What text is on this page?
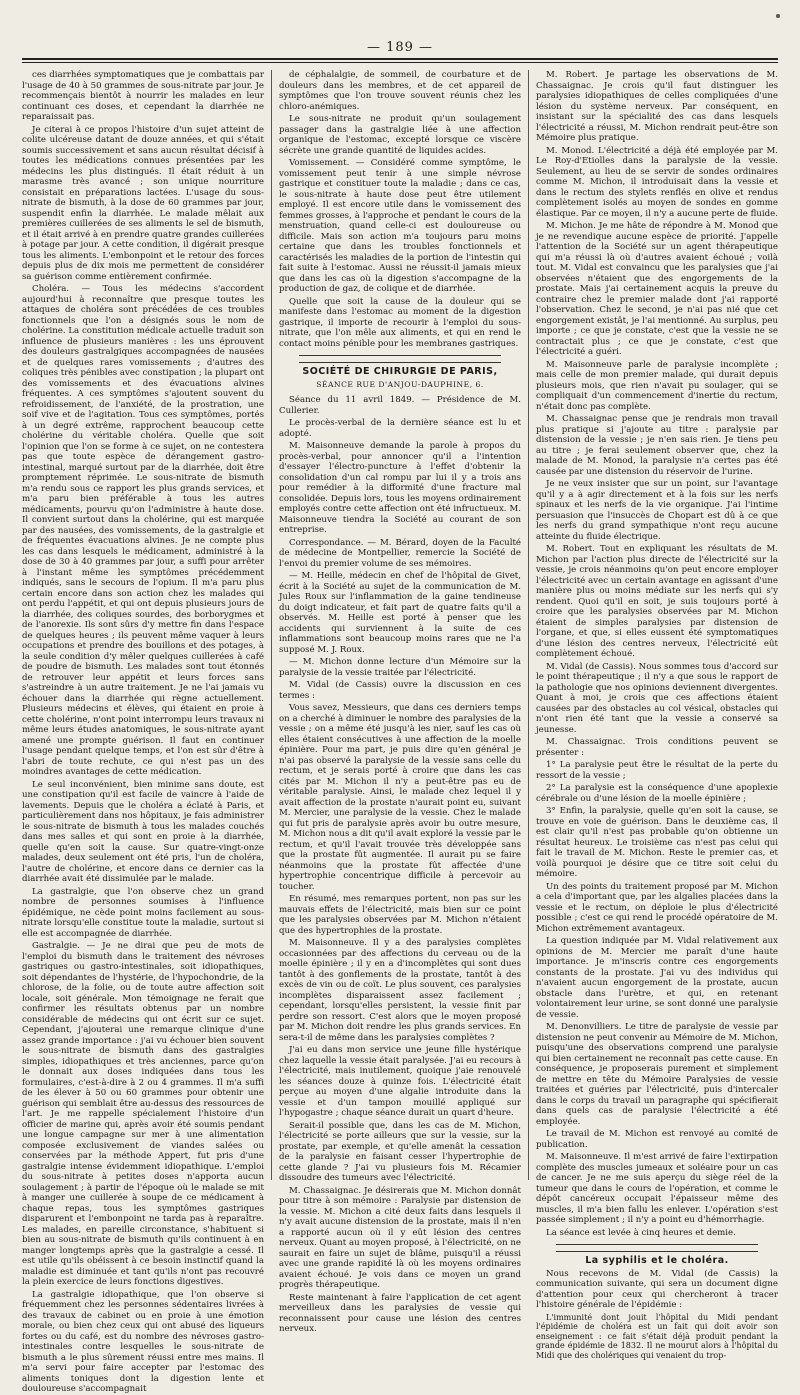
— 189 —

ces diarrhées symptomatiques que je combattais par l'usage de 40 à 50 grammes de sous-nitrate par jour. Je recommençais bientôt à nourrir les malades en leur continuant ces doses, et cependant la diarrhée ne reparaissait pas.

Je citerai à ce propos l'histoire d'un sujet atteint de colite ulcéreuse datant de douze années, et qui s'était soumis successivement et sans aucun résultat décisif à toutes les médications connues présentées par les médecins les plus distingués. Il était réduit à un marasme très avancé ; son unique nourriture consistait en préparations lactées. L'usage du sous-nitrate de bismuth, à la dose de 60 grammes par jour, suspendit enfin la diarrhée. Le malade mêlait aux premières cuillerées de ses aliments le sel de bismuth, et il était arrivé à en prendre quatre grandes cuillerées à potage par jour. A cette condition, il digérait presque tous les aliments. L'embonpoint et le retour des forces depuis plus de dix mois me permettent de considérer sa guérison comme entièrement confirmée.

Choléra. — Tous les médecins s'accordent aujourd'hui à reconnaître que presque toutes les attaques de choléra sont précédées de ces troubles fonctionnels que l'on a désignés sous le nom de cholérine. La constitution médicale actuelle traduit son influence de plusieurs manières : les uns éprouvent des douleurs gastralgiques accompagnées de nausées et de quelques rares vomissements ; d'autres des coliques très pénibles avec constipation ; la plupart ont des vomissements et des évacuations alvines fréquentes. A ces symptômes s'ajoutent souvent du refroidissement, de l'anxiété, de la prostration, une soif vive et de l'agitation. Tous ces symptômes, portés à un degré extrême, rapprochent beaucoup cette cholérine du véritable choléra. Quelle que soit l'opinion que l'on se forme à ce sujet, on ne contestera pas que toute espèce de dérangement gastro-intestinal, marqué surtout par de la diarrhée, doit être promptement réprimée. Le sous-nitrate de bismuth m'a rendu sous ce rapport les plus grands services, et m'a paru bien préférable à tous les autres médicaments, pourvu qu'on l'administre à haute dose. Il convient surtout dans la cholérine, qui est marquée par des nausées, des vomissements, de la gastralgie et de fréquentes évacuations alvines. Je ne compte plus les cas dans lesquels le médicament, administré à la dose de 30 à 40 grammes par jour, a suffi pour arrêter à l'instant même les symptômes précédemment indiqués, sans le secours de l'opium. Il m'a paru plus certain encore dans son action chez les malades qui ont perdu l'appétit, et qui ont depuis plusieurs jours de la diarrhée, des coliques sourdes, des borborygmes et de l'anorexie. Ils sont sûrs d'y mettre fin dans l'espace de quelques heures ; ils peuvent même vaquer à leurs occupations et prendre des bouillons et des potages, à la seule condition d'y mêler quelques cuillerées à café de poudre de bismuth. Les malades sont tout étonnés de retrouver leur appétit et leurs forces sans s'astreindre à un autre traitement. Je ne l'ai jamais vu échouer dans la diarrhée qui règne actuellement. Plusieurs médecins et élèves, qui étaient en proie à cette cholérine, n'ont point interrompu leurs travaux ni même leurs études anatomiques, le sous-nitrate ayant amené une prompte guérison. Il faut en continuer l'usage pendant quelque temps, et l'on est sûr d'être à l'abri de toute rechute, ce qui n'est pas un des moindres avantages de cette médication.

Le seul inconvénient, bien minime sans doute, est une constipation qu'il est facile de vaincre à l'aide de lavements. Depuis que le choléra a éclaté à Paris, et particulièrement dans nos hôpitaux, je fais administrer le sous-nitrate de bismuth à tous les malades couchés dans mes salles et qui sont en proie à la diarrhée, quelle qu'en soit la cause. Sur quatre-vingt-onze malades, deux seulement ont été pris, l'un de choléra, l'autre de cholérine, et encore dans ce dernier cas la diarrhée avait été dissimulée par le malade.

La gastralgie, que l'on observe chez un grand nombre de personnes soumises à l'influence épidémique, ne cède point moins facilement au sous-nitrate lorsqu'elle constitue toute la maladie, surtout si elle est accompagnée de diarrhée.

Gastralgie. — Je ne dirai que peu de mots de l'emploi du bismuth dans le traitement des névroses gastriques ou gastro-intestinales, soit idiopathiques, soit dépendantes de l'hystérie, de l'hypochondrie, de la chlorose, de la folie, ou de toute autre affection soit locale, soit générale. Mon témoignage ne ferait que confirmer les résultats obtenus par un nombre considérable de médecins qui ont écrit sur ce sujet. Cependant, j'ajouterai une remarque clinique d'une assez grande importance : j'ai vu échouer bien souvent le sous-nitrate de bismuth dans des gastralgies simples, idiopathiques et très anciennes, parce qu'on le donnait aux doses indiquées dans tous les formulaires, c'est-à-dire à 2 ou 4 grammes. Il m'a suffi de les élever à 50 ou 60 grammes pour obtenir une guérison qui semblait être au-dessus des ressources de l'art. Je me rappelle spécialement l'histoire d'un officier de marine qui, après avoir été soumis pendant une longue campagne sur mer à une alimentation composée exclusivement de viandes salées ou conservées par la méthode Appert, fut pris d'une gastralgie intense évidemment idiopathique. L'emploi du sous-nitrate à petites doses n'apporta aucun soulagement ; à partir de l'époque où le malade se mit à manger une cuillerée à soupe de ce médicament à chaque repas, tous les symptômes gastriques disparurent et l'embonpoint ne tarda pas à reparaître. Les malades, en pareille circonstance, s'habituent si bien au sous-nitrate de bismuth qu'ils continuent à en manger longtemps après que la gastralgie a cessé. Il est utile qu'ils obéissent à ce besoin instinctif quand la maladie est diminuée et tant qu'ils n'ont pas recouvré la plein exercice de leurs fonctions digestives.

La gastralgie idiopathique, que l'on observe si fréquemment chez les personnes sédentaires livrées à des travaux de cabinet ou en proie à une émotion morale, ou bien chez ceux qui ont abusé des liqueurs fortes ou du café, est du nombre des névroses gastro-intestinales contre lesquelles le sous-nitrate de bismuth a le plus sûrement réussi entre mes mains. Il m'a servi pour faire accepter par l'estomac des aliments toniques dont la digestion lente et douloureuse s'accompagnait

de céphalalgie, de sommeil, de courbature et de douleurs dans les membres, et de cet appareil de symptômes que l'on trouve souvent réunis chez les chloro-anémiques.

Le sous-nitrate ne produit qu'un soulagement passager dans la gastralgie liée à une affection organique de l'estomac, excepté lorsque ce viscère sécrète une grande quantité de liquides acides.

Vomissement. — Considéré comme symptôme, le vomissement peut tenir à une simple névrose gastrique et constituer toute la maladie ; dans ce cas, le sous-nitrate à haute dose peut être utilement employé. Il est encore utile dans le vomissement des femmes grosses, à l'approche et pendant le cours de la menstruation, quand celle-ci est douloureuse ou difficile. Mais son action m'a toujours paru moins certaine que dans les troubles fonctionnels et caractérisés les maladies de la portion de l'intestin qui fait suite à l'estomac. Aussi ne réussit-il jamais mieux que dans les cas où la digestion s'accompagne de la production de gaz, de colique et de diarrhée.

Quelle que soit la cause de la douleur qui se manifeste dans l'estomac au moment de la digestion gastrique, il importe de recourir à l'emploi du sous-nitrate, que l'on mêle aux aliments, et qui en rend le contact moins pénible pour les membranes gastriques.

SOCIÉTÉ DE CHIRURGIE DE PARIS,
SÉANCE RUE D'ANJOU-DAUPHINE, 6.

Séance du 11 avril 1849. — Présidence de M. Cullerier.

Le procès-verbal de la dernière séance est lu et adopté.

M. Maisonneuve demande la parole à propos du procès-verbal, pour annoncer qu'il a l'intention d'essayer l'électro-puncture à l'effet d'obtenir la consolidation d'un cal rompu par lui il y a trois ans pour remédier à la difformité d'une fracture mal consolidée. Depuis lors, tous les moyens ordinairement employés contre cette affection ont été infructueux. M. Maisonneuve tiendra la Société au courant de son entreprise.

Correspondance. — M. Bérard, doyen de la Faculté de médecine de Montpellier, remercie la Société de l'envoi du premier volume de ses mémoires.

— M. Heille, médecin en chef de l'hôpital de Givet, écrit à la Société au sujet de la communication de M. Jules Roux sur l'inflammation de la gaine tendineuse du doigt indicateur, et fait part de quatre faits qu'il a observés. M. Heille est porté à penser que les accidents qui surviennent à la suite de ces inflammations sont beaucoup moins rares que ne l'a supposé M. J. Roux.

— M. Michon donne lecture d'un Mémoire sur la paralysie de la vessie traitée par l'électricité.

M. Vidal (de Cassis) ouvre la discussion en ces termes :

Vous savez, Messieurs, que dans ces derniers temps on a cherché à diminuer le nombre des paralysies de la vessie ; on a même été jusqu'à les nier, sauf les cas où elles étaient consécutives à une affection de la moelle épinière. Pour ma part, je puis dire qu'en général je n'ai pas observé la paralysie de la vessie sans celle du rectum, et je serais porté à croire que dans les cas cités par M. Michon il n'y a peut-être pas eu de véritable paralysie. Ainsi, le malade chez lequel il y avait affection de la prostate n'aurait point eu, suivant M. Mercier, une paralysie de la vessie. Chez le malade qui fut pris de paralysie après avoir bu outre mesure, M. Michon nous a dit qu'il avait exploré la vessie par le rectum, et qu'il l'avait trouvée très développée sans que la prostate fût augmentée. Il aurait pu se faire néanmoins que la prostate fût affectée d'une hypertrophie concentrique difficile à percevoir au toucher.

En résumé, mes remarques portent, non pas sur les mauvais effets de l'électricité, mais bien sur ce point que les paralysies observées par M. Michon n'étaient que des hypertrophies de la prostate.

M. Maisonneuve. Il y a des paralysies complètes occasionnées par des affections du cerveau ou de la moelle épinière ; il y en a d'incomplètes qui sont dues tantôt à des gonflements de la prostate, tantôt à des excès de vin ou de coït. Le plus souvent, ces paralysies incomplètes disparaissent assez facilement ; cependant, lorsqu'elles persistent, la vessie finit par perdre son ressort. C'est alors que le moyen proposé par M. Michon doit rendre les plus grands services. En sera-t-il de même dans les paralysies complètes ?

J'ai eu dans mon service une jeune fille hystérique chez laquelle la vessie était paralysée. J'ai eu recours à l'électricité, mais inutilement, quoique j'aie renouvelé les séances douze à quinze fois. L'électricité était perçue au moyen d'une algalie introduite dans la vessie et d'un tampon mouillé appliqué sur l'hypogastre ; chaque séance durait un quart d'heure.

Serait-il possible que, dans les cas de M. Michon, l'électricité se porte ailleurs que sur la vessie, sur la prostate, par exemple, et qu'elle amenât la cessation de la paralysie en faisant cesser l'hypertrophie de cette glande ? J'ai vu plusieurs fois M. Récamier dissoudre des tumeurs avec l'électricité.

M. Chassaignac. Je désirerais que M. Michon donnât pour titre à son mémoire : Paralysie par distension de la vessie. M. Michon a cité deux faits dans lesquels il n'y avait aucune distension de la prostate, mais il n'en a rapporté aucun où il y eût lésion des centres nerveux. Quant au moyen proposé, à l'électricité, on ne saurait en faire un sujet de blâme, puisqu'il a réussi avec une grande rapidité là où les moyens ordinaires avaient échoué. Je vois dans ce moyen un grand progrès thérapeutique.

Reste maintenant à faire l'application de cet agent merveilleux dans les paralysies de vessie qui reconnaissent pour cause une lésion des centres nerveux.

M. Robert. Je partage les observations de M. Chassaignac. Je crois qu'il faut distinguer les paralysies idiopathiques de celles compliquées d'une lésion du système nerveux. Par conséquent, en insistant sur la spécialité des cas dans lesquels l'électricité a réussi, M. Michon rendrait peut-être son Mémoire plus pratique.

M. Monod. L'électricité a déjà été employée par M. Le Roy-d'Etiolles dans la paralysie de la vessie. Seulement, au lieu de se servir de sondes ordinaires comme M. Michon, il introduisait dans la vessie et dans le rectum des stylets renflés en olive et rendus complètement isolés au moyen de sondes en gomme élastique. Par ce moyen, il n'y a aucune perte de fluide.

M. Michon. Je me hâte de répondre à M. Monod que je ne revendique aucune espèce de priorité. J'appelle l'attention de la Société sur un agent thérapeutique qui m'a réussi là où d'autres avaient échoué ; voilà tout. M. Vidal est convaincu que les paralysies que j'ai observées n'étaient que des engorgements de la prostate. Mais j'ai certainement acquis la preuve du contraire chez le premier malade dont j'ai rapporté l'observation. Chez le second, je n'ai pas nié que cet engorgement existât, je l'ai mentionné. Au surplus, peu importe ; ce que je constate, c'est que la vessie ne se contractait plus ; ce que je constate, c'est que l'électricité a guéri.

M. Maisonneuve parle de paralysie incomplète ; mais celle de mon premier malade, qui durait depuis plusieurs mois, que rien n'avait pu soulager, qui se compliquait d'un commencement d'inertie du rectum, n'était donc pas complète.

M. Chassaignac pense que je rendrais mon travail plus pratique si j'ajoute au titre : paralysie par distension de la vessie ; je n'en sais rien. Je tiens peu au titre ; je ferai seulement observer que, chez la malade de M. Monod, la paralysie n'a certes pas été causée par une distension du réservoir de l'urine.

Je ne veux insister que sur un point, sur l'avantage qu'il y a à agir directement et à la fois sur les nerfs spinaux et les nerfs de la vie organique. J'ai l'intime persuasion que l'insuccès de Chopart est dû à ce que les nerfs du grand sympathique n'ont reçu aucune atteinte du fluide électrique.

M. Robert. Tout en expliquant les résultats de M. Michon par l'action plus directe de l'électricité sur la vessie, je crois néanmoins qu'on peut encore employer l'électricité avec un certain avantage en agissant d'une manière plus ou moins médiate sur les nerfs qui s'y rendent. Quoi qu'il en soit, je suis toujours porté à croire que les paralysies observées par M. Michon étaient de simples paralysies par distension de l'organe, et que, si elles eussent été symptomatiques d'une lésion des centres nerveux, l'électricité eût complètement échoué.

M. Vidal (de Cassis). Nous sommes tous d'accord sur le point thérapeutique ; il n'y a que sous le rapport de la pathologie que nos opinions deviennent divergentes. Quant à moi, je crois que ces affections étaient causées par des obstacles au col vésical, obstacles qui n'ont rien été tant que la vessie a conservé sa jeunesse.

M. Chassaignac. Trois conditions peuvent se présenter :

1° La paralysie peut être le résultat de la perte du ressort de la vessie ;

2° La paralysie est la conséquence d'une apoplexie cérébrale ou d'une lésion de la moelle épinière ;

3° Enfin, la paralysie, quelle qu'en soit la cause, se trouve en voie de guérison. Dans le deuxième cas, il est clair qu'il n'est pas probable qu'on obtienne un résultat heureux. Le troisième cas n'est pas celui qui fait le travail de M. Michon. Reste le premier cas, et voilà pourquoi je désire que ce titre soit celui du mémoire.

Un des points du traitement proposé par M. Michon a cela d'important que, par les algalies placées dans la vessie et le rectum, on déploie le plus d'électricité possible ; c'est ce qui rend le procédé opératoire de M. Michon extrêmement avantageux.

La question indiquée par M. Vidal relativement aux opinions de M. Mercier me paraît d'une haute importance. Je m'inscris contre ces engorgements constants de la prostate. J'ai vu des individus qui n'avaient aucun engorgement de la prostate, aucun obstacle dans l'urètre, et qui, en retenant volontairement leur urine, se sont donné une paralysie de vessie.

M. Denonvilliers. Le titre de paralysie de vessie par distension ne peut convenir au Mémoire de M. Michon, puisqu'une des observations comprend une paralysie qui bien certainement ne reconnaît pas cette cause. En conséquence, je proposerais purement et simplement de mettre en tête du Mémoire Paralysies de vessie traitées et guéries par l'électricité, puis d'intercaler dans le corps du travail un paragraphe qui spécifierait dans quels cas de paralysie l'électricité a été employée.

Le travail de M. Michon est renvoyé au comité de publication.

M. Maisonneuve. Il m'est arrivé de faire l'extirpation complète des muscles jumeaux et soléaire pour un cas de cancer. Je ne me suis aperçu du siège réel de la tumeur que dans le cours de l'opération, et comme le dépôt cancéreux occupait l'épaisseur même des muscles, il m'a bien fallu les enlever. L'opération s'est passée simplement ; il n'y a point eu d'hémorrhagie.

La séance est levée à cinq heures et demie.

La syphilis et le choléra.

Nous recevons de M. Vidal (de Cassis) la communication suivante, qui sera un document digne d'attention pour ceux qui chercheront à tracer l'histoire générale de l'épidémie :

L'immunité dont jouit l'hôpital du Midi pendant l'épidémie de choléra est un fait qui doit avoir son enseignement : ce fait s'était déjà produit pendant la grande épidémie de 1832. Il ne mourut alors à l'hôpital du Midi que des cholériques qui venaient du trop-
